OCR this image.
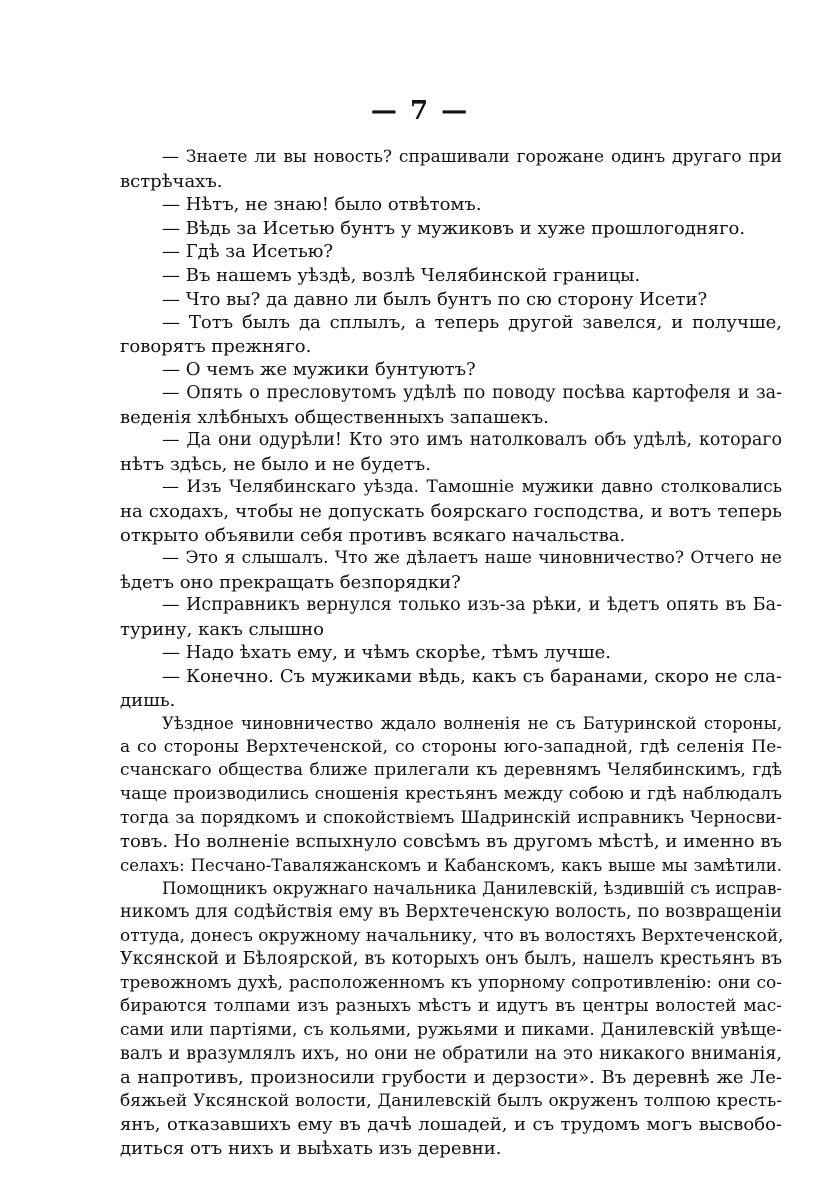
— 7 —
— Знаете ли вы новость? спрашивали горожане одинъ другаго при
встрѣчахъ.
— Нѣтъ, не знаю! было отвѣтомъ.
— Вѣдь за Исетью бунтъ у мужиковъ и хуже прошлогодняго.
— Гдѣ за Исетью?
— Въ нашемъ уѣздѣ, возлѣ Челябинской границы.
— Что вы? да давно ли былъ бунтъ по сю сторону Исети?
— Тотъ былъ да сплылъ, а теперь другой завелся, и получше,
говорятъ прежняго.
— О чемъ же мужики бунтуютъ?
— Опять о пресловутомъ удѣлѣ по поводу посѣва картофеля и за-
веденія хлѣбныхъ общественныхъ запашекъ.
— Да они одурѣли! Кто это имъ натолковалъ объ удѣлѣ, котораго
нѣтъ здѣсь, не было и не будетъ.
— Изъ Челябинскаго уѣзда. Тамошніе мужики давно столковались
на сходахъ, чтобы не допускать боярскаго господства, и вотъ теперь
открыто объявили себя противъ всякаго начальства.
— Это я слышалъ. Что же дѣлаетъ наше чиновничество? Отчего не
ѣдетъ оно прекращать безпорядки?
— Исправникъ вернулся только изъ-за рѣки, и ѣдетъ опять въ Ба-
турину, какъ слышно
— Надо ѣхать ему, и чѣмъ скорѣе, тѣмъ лучше.
— Конечно. Съ мужиками вѣдь, какъ съ баранами, скоро не сла-
дишь.
Уѣздное чиновничество ждало волненія не съ Батуринской стороны,
а со стороны Верхтеченской, со стороны юго-западной, гдѣ селенія Пе-
счанскаго общества ближе прилегали къ деревнямъ Челябинскимъ, гдѣ
чаще производились сношенія крестьянъ между собою и гдѣ наблюдалъ
тогда за порядкомъ и спокойствіемъ Шадринскій исправникъ Черносви-
товъ. Но волненіе вспыхнуло совсѣмъ въ другомъ мѣстѣ, и именно въ
селахъ: Песчано-Таваляжанскомъ и Кабанскомъ, какъ выше мы замѣтили.
Помощникъ окружнаго начальника Данилевскій, ѣздившій съ исправ-
никомъ для содѣйствія ему въ Верхтеченскую волость, по возвращеніи
оттуда, донесъ окружному начальнику, что въ волостяхъ Верхтеченской,
Уксянской и Бѣлоярской, въ которыхъ онъ былъ, нашелъ крестьянъ въ
тревожномъ духѣ, расположенномъ къ упорному сопротивленію: они со-
бираются толпами изъ разныхъ мѣстъ и идутъ въ центры волостей мас-
сами или партіями, съ кольями, ружьями и пиками. Данилевскій увѣще-
валъ и вразумлялъ ихъ, но они не обратили на это никакого вниманія,
а напротивъ, произносили грубости и дерзости». Въ деревнѣ же Ле-
бяжьей Уксянской волости, Данилевскій былъ окруженъ толпою кресть-
янъ, отказавшихъ ему въ дачѣ лошадей, и съ трудомъ могъ высвобо-
диться отъ нихъ и выѣхать изъ деревни.
